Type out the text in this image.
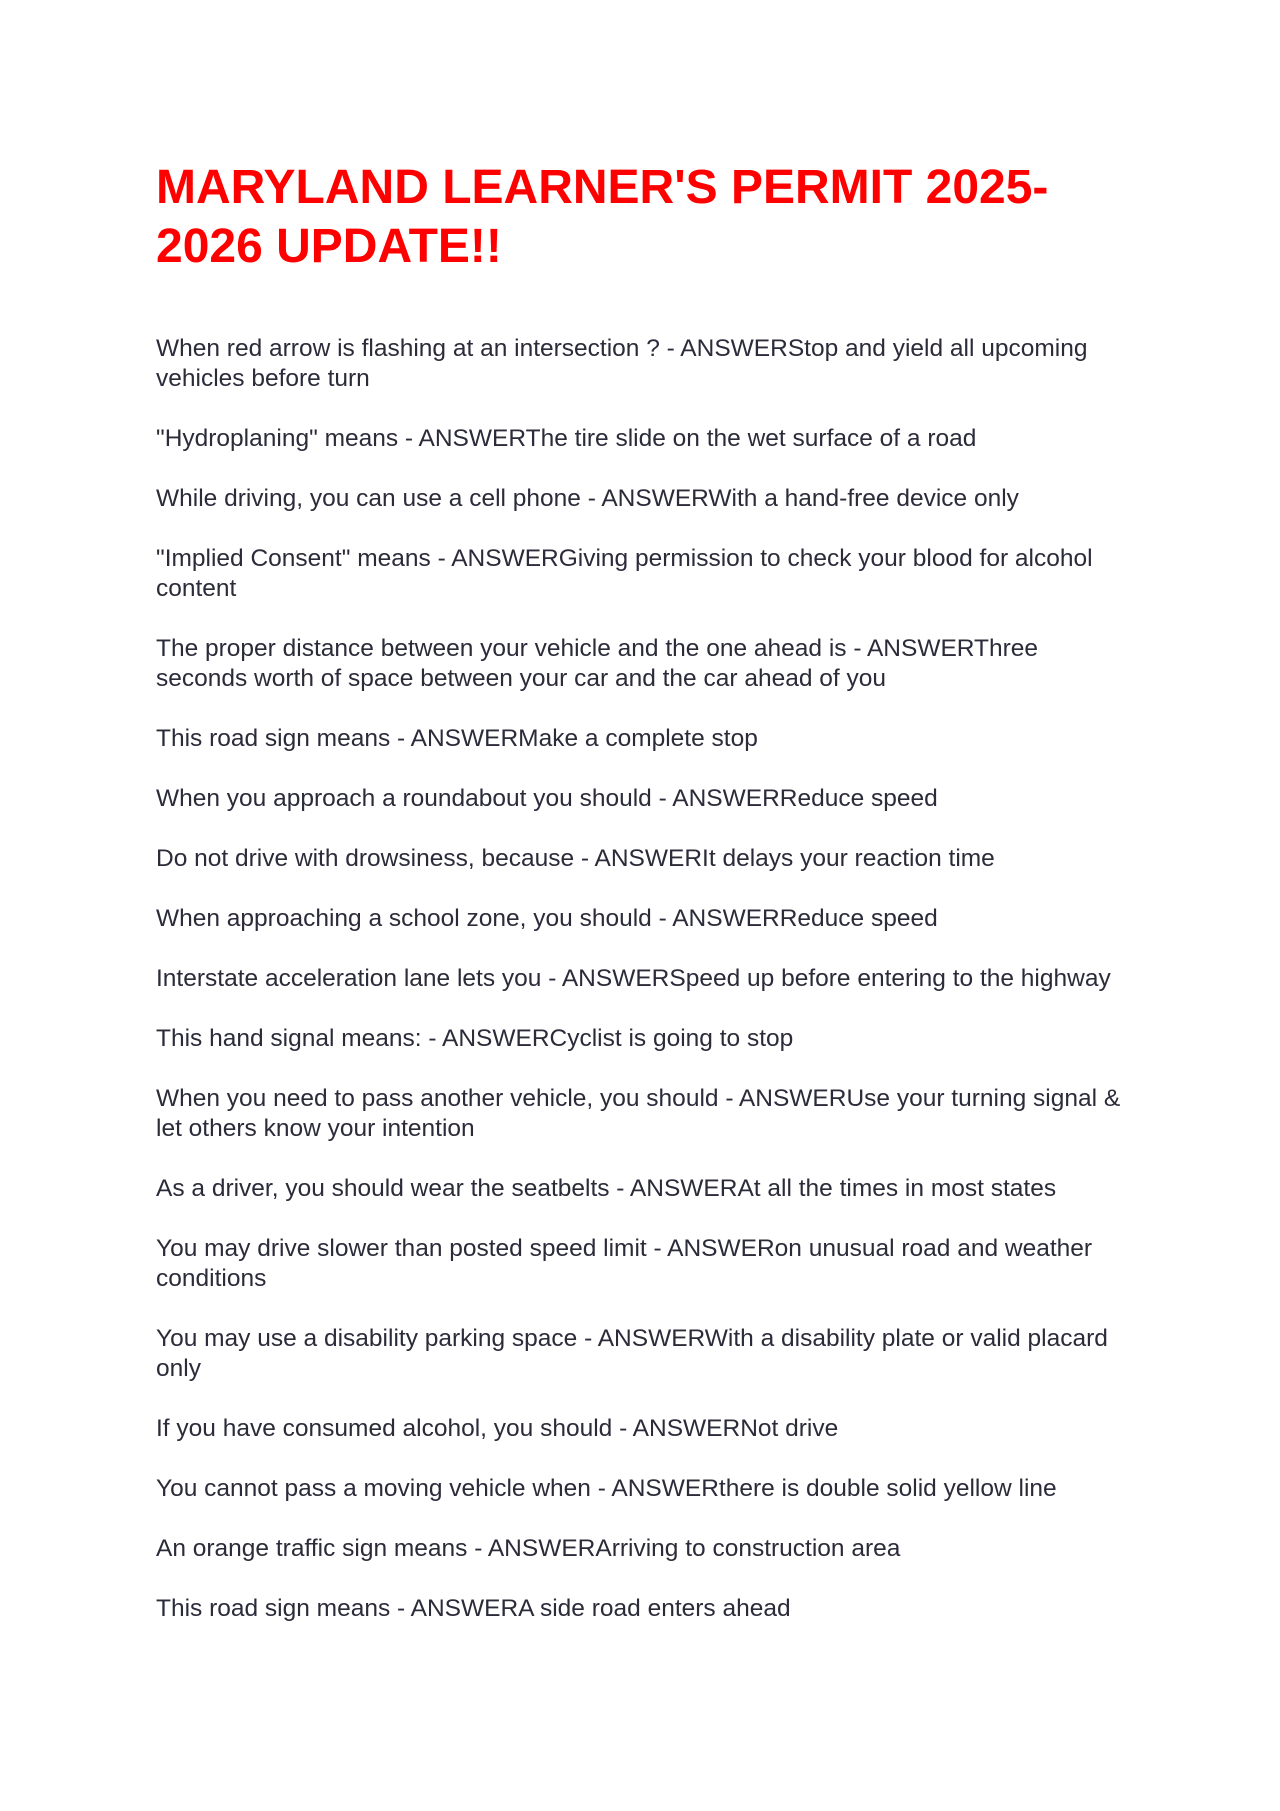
MARYLAND LEARNER'S PERMIT 2025-2026 UPDATE!!
When red arrow is flashing at an intersection ? - ANSWERStop and yield all upcoming vehicles before turn
"Hydroplaning" means - ANSWERThe tire slide on the wet surface of a road
While driving, you can use a cell phone - ANSWERWith a hand-free device only
"Implied Consent" means - ANSWERGiving permission to check your blood for alcohol content
The proper distance between your vehicle and the one ahead is - ANSWERThree seconds worth of space between your car and the car ahead of you
This road sign means - ANSWERMake a complete stop
When you approach a roundabout you should - ANSWERReduce speed
Do not drive with drowsiness, because - ANSWERIt delays your reaction time
When approaching a school zone, you should - ANSWERReduce speed
Interstate acceleration lane lets you - ANSWERSpeed up before entering to the highway
This hand signal means: - ANSWERCyclist is going to stop
When you need to pass another vehicle, you should - ANSWERUse your turning signal & let others know your intention
As a driver, you should wear the seatbelts - ANSWERAt all the times in most states
You may drive slower than posted speed limit - ANSWERon unusual road and weather conditions
You may use a disability parking space - ANSWERWith a disability plate or valid placard only
If you have consumed alcohol, you should - ANSWERNot drive
You cannot pass a moving vehicle when - ANSWERthere is double solid yellow line
An orange traffic sign means - ANSWERArriving to construction area
This road sign means - ANSWERA side road enters ahead
